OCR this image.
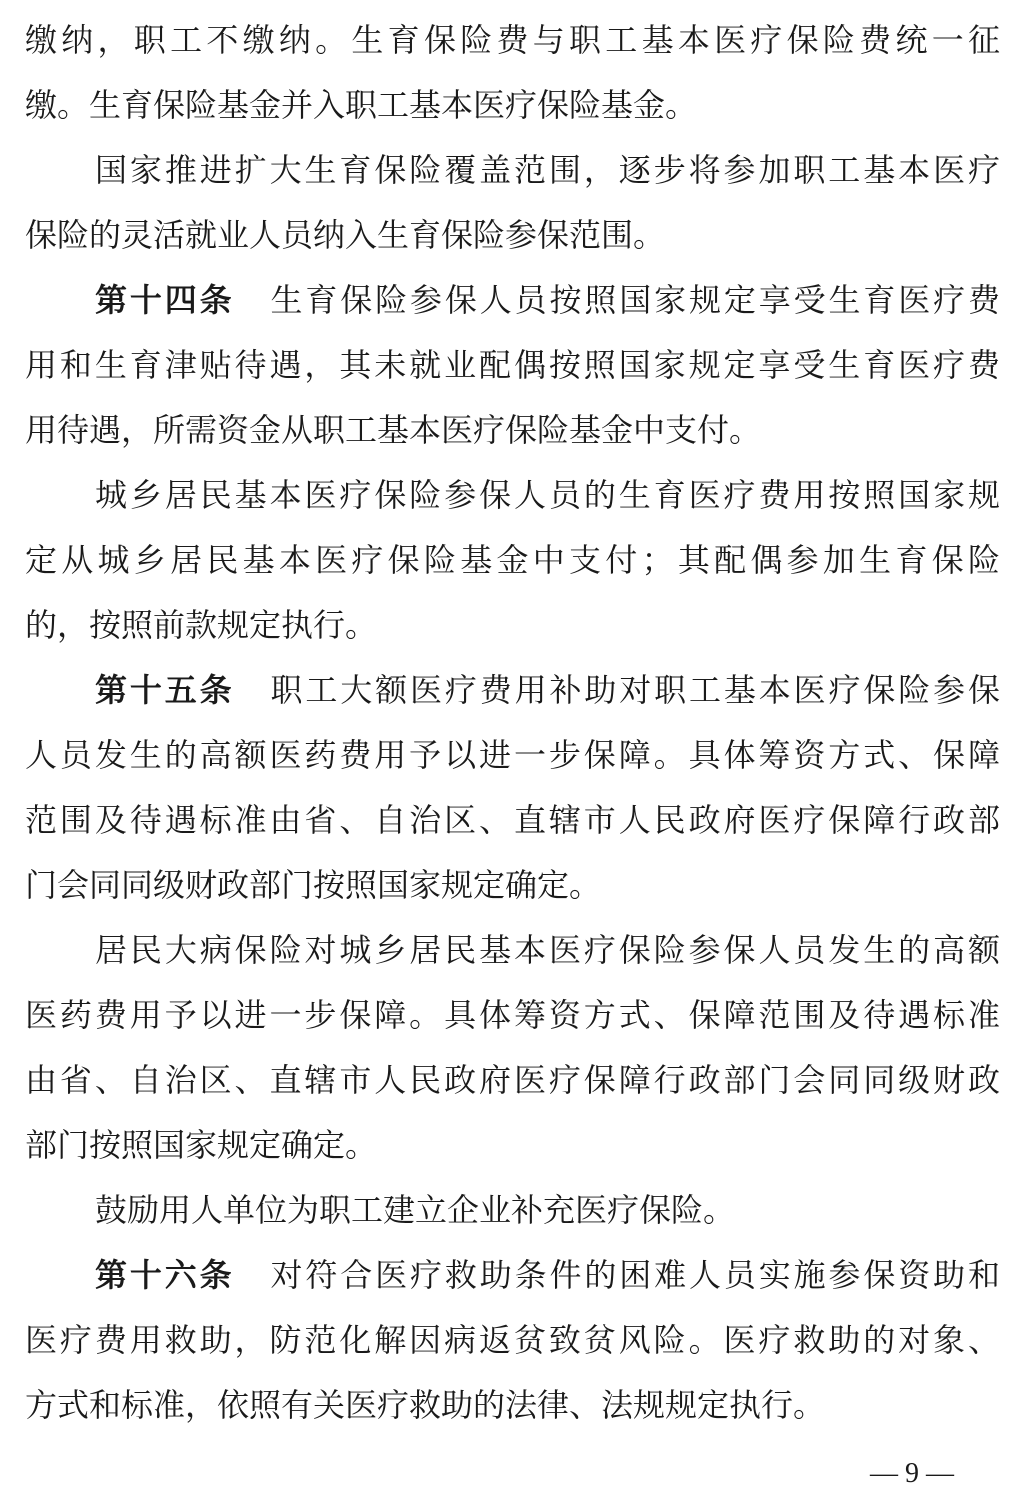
缴纳，职工不缴纳。生育保险费与职工基本医疗保险费统一征
缴。生育保险基金并入职工基本医疗保险基金。
国家推进扩大生育保险覆盖范围，逐步将参加职工基本医疗
保险的灵活就业人员纳入生育保险参保范围。
第十四条 生育保险参保人员按照国家规定享受生育医疗费
用和生育津贴待遇，其未就业配偶按照国家规定享受生育医疗费
用待遇，所需资金从职工基本医疗保险基金中支付。
城乡居民基本医疗保险参保人员的生育医疗费用按照国家规
定从城乡居民基本医疗保险基金中支付；其配偶参加生育保险
的，按照前款规定执行。
第十五条 职工大额医疗费用补助对职工基本医疗保险参保
人员发生的高额医药费用予以进一步保障。具体筹资方式、保障
范围及待遇标准由省、自治区、直辖市人民政府医疗保障行政部
门会同同级财政部门按照国家规定确定。
居民大病保险对城乡居民基本医疗保险参保人员发生的高额
医药费用予以进一步保障。具体筹资方式、保障范围及待遇标准
由省、自治区、直辖市人民政府医疗保障行政部门会同同级财政
部门按照国家规定确定。
鼓励用人单位为职工建立企业补充医疗保险。
第十六条 对符合医疗救助条件的困难人员实施参保资助和
医疗费用救助，防范化解因病返贫致贫风险。医疗救助的对象、
方式和标准，依照有关医疗救助的法律、法规规定执行。
— 9 —
